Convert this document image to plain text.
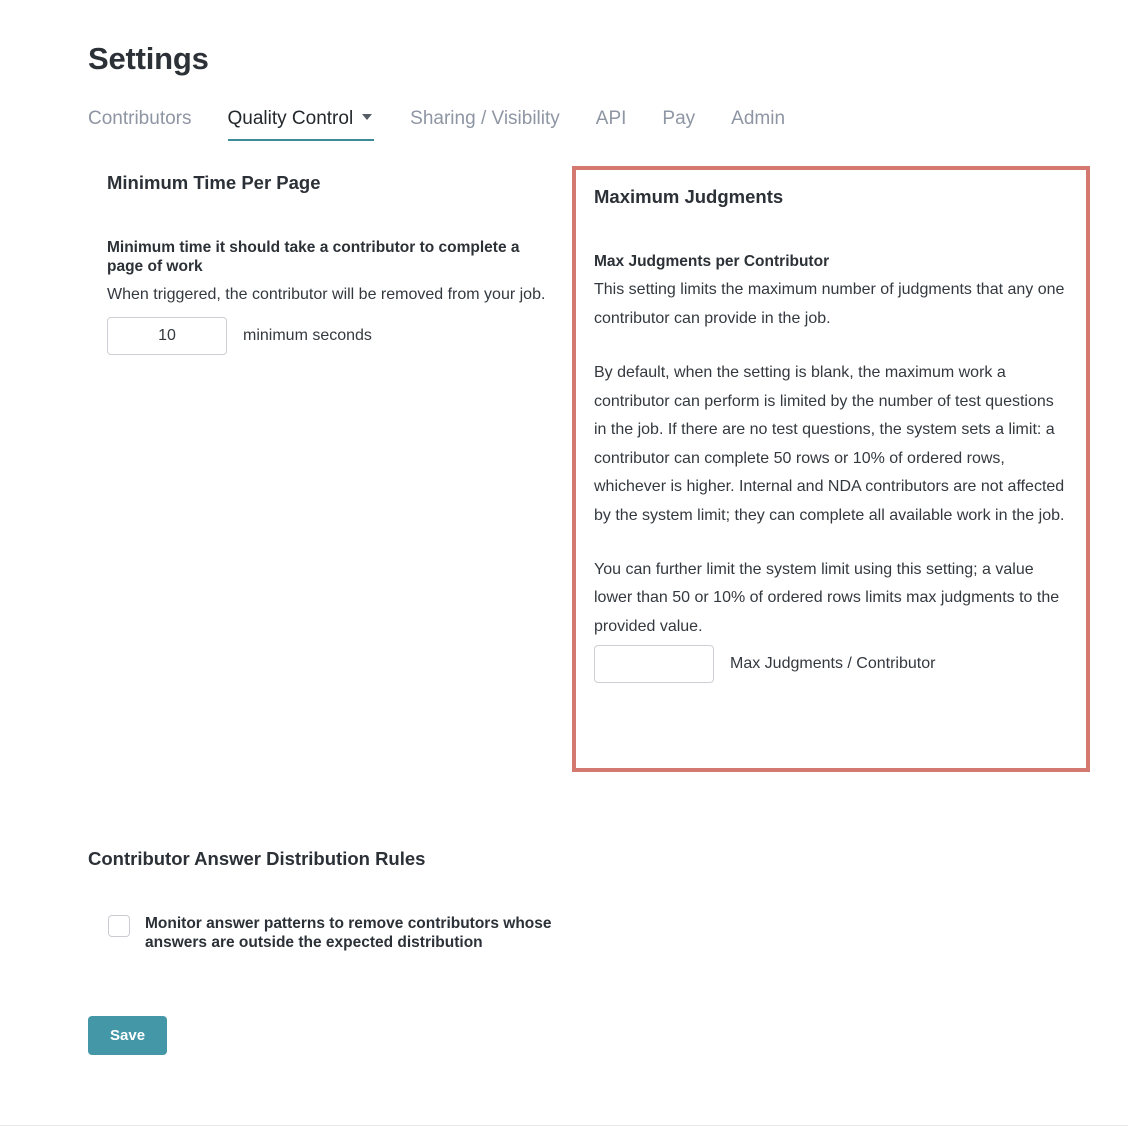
Settings
Contributors Quality Control	Sharing / Visibility API Pay Admin
Minimum Time Per Page

Minimum time it should take a contributor to complete a page of work

When triggered, the contributor will be removed from your job.

10
minimum seconds
Maximum Judgments

Max Judgments per Contributor

This setting limits the maximum number of judgments that any one contributor can provide in the job.

By default, when the setting is blank, the maximum work a contributor can perform is limited by the number of test questions in the job. If there are no test questions, the system sets a limit: a contributor can complete 50 rows or 10% of ordered rows, whichever is higher. Internal and NDA contributors are not affected by the system limit; they can complete all available work in the job.

You can further limit the system limit using this setting; a value lower than 50 or 10% of ordered rows limits max judgments to the provided value.

Max Judgments / Contributor
Contributor Answer Distribution Rules
Monitor answer patterns to remove contributors whose answers are outside the expected distribution
Save
